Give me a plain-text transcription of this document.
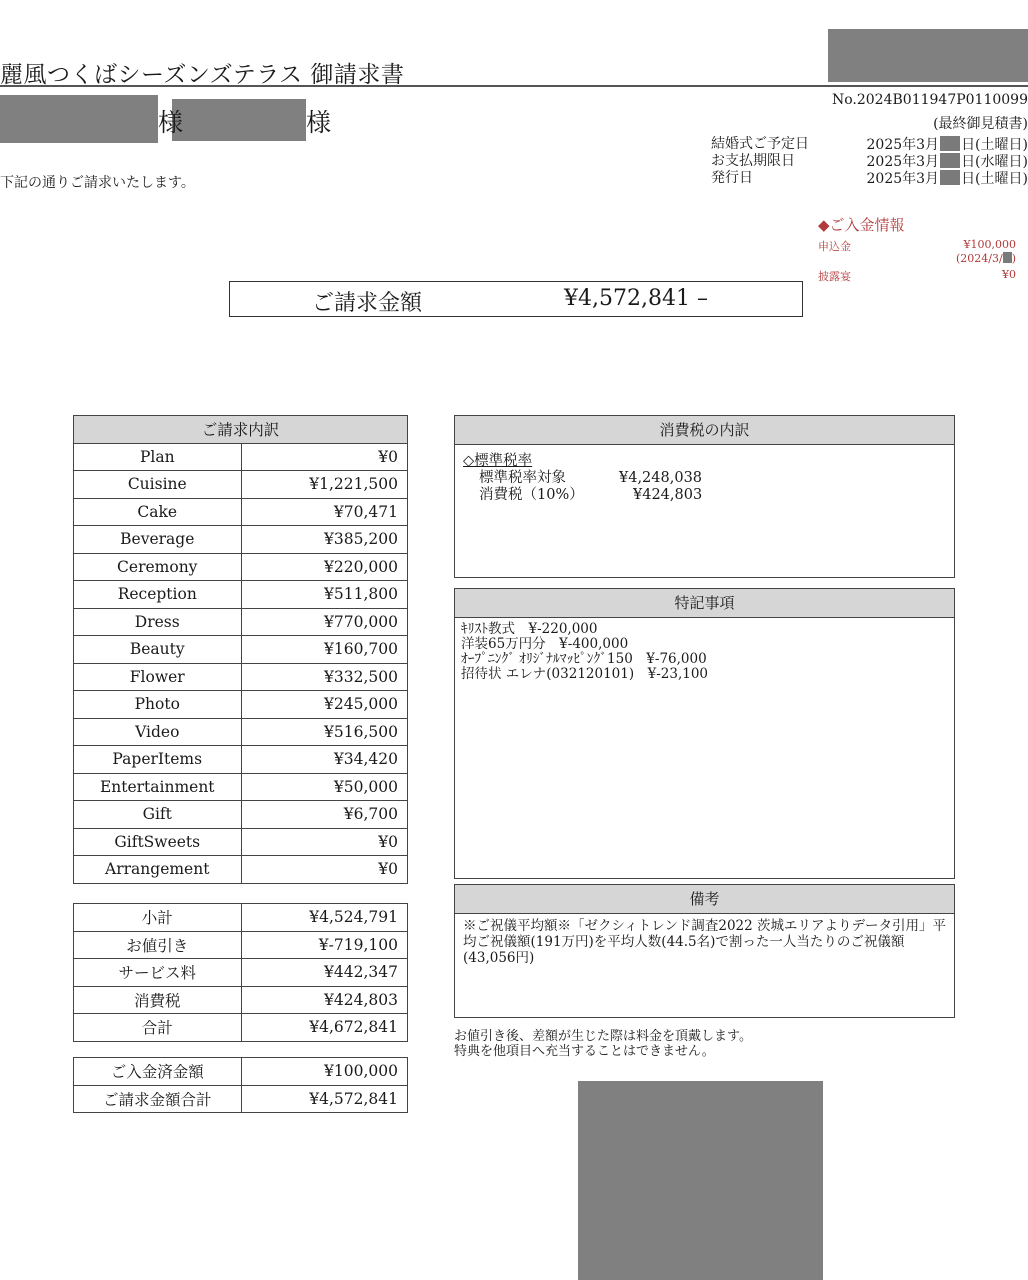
麗風つくばシーズンズテラス 御請求書
様	様
下記の通りご請求いたします。
No.2024B011947P0110099
(最終御見積書)
結婚式ご予定日	2025年3月 日(土曜日)
お支払期限日	2025年3月 日(水曜日)
発行日	2025年3月 日(土曜日)
◆ご入金情報
申込金	¥100,000
(2024/3/ )
披露宴	¥0
ご請求金額	¥4,572,841 –
ご請求内訳	
Plan	¥0
Cuisine	¥1,221,500
Cake	¥70,471
Beverage	¥385,200
Ceremony	¥220,000
Reception	¥511,800
Dress	¥770,000
Beauty	¥160,700
Flower	¥332,500
Photo	¥245,000
Video	¥516,500
PaperItems	¥34,420
Entertainment	¥50,000
Gift	¥6,700
GiftSweets	¥0
Arrangement	¥0
小計	¥4,524,791
お値引き	¥-719,100
サービス料	¥442,347
消費税	¥424,803
合計	¥4,672,841
ご入金済金額	¥100,000
ご請求金額合計	¥4,572,841
消費税の内訳
◇標準税率
標準税率対象	¥4,248,038
消費税（10%）	¥424,803
特記事項
ｷﾘｽﾄ教式　¥-220,000
洋装65万円分　¥-400,000
ｵｰﾌﾟﾆﾝｸﾞ ｵﾘｼﾞﾅﾙﾏｯﾋﾟﾝｸﾞ150　¥-76,000
招待状 エレナ(032120101)　¥-23,100
備考
※ご祝儀平均額※「ゼクシィトレンド調査2022 茨城エリアよりデータ引用」平均ご祝儀額(191万円)を平均人数(44.5名)で割った一人当たりのご祝儀額(43,056円)
お値引き後、差額が生じた際は料金を頂戴します。
特典を他項目へ充当することはできません。
